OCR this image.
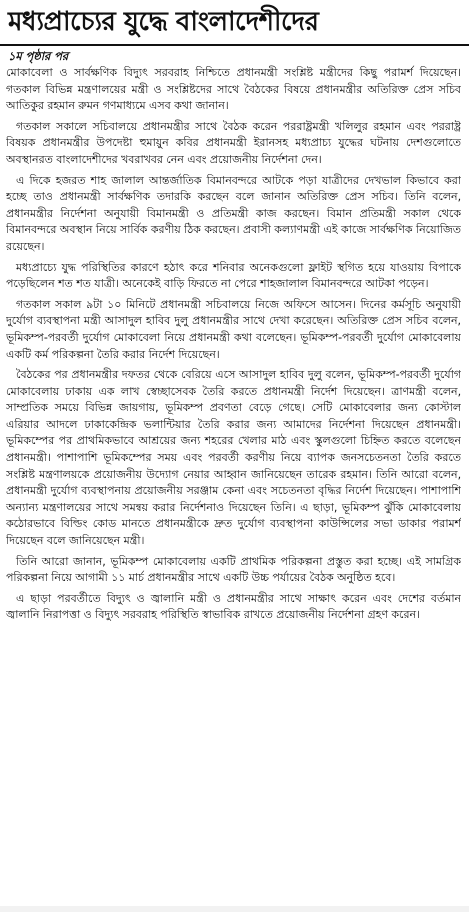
মধ্যপ্রাচ্যের যুদ্ধে বাংলাদেশীদের
১ম পৃষ্ঠার পর

মোকাবেলা ও সার্বক্ষণিক বিদ্যুৎ সরবরাহ নিশ্চিতে প্রধানমন্ত্রী সংশ্লিষ্ট মন্ত্রীদের কিছু পরামর্শ দিয়েছেন। গতকাল বিভিন্ন মন্ত্রণালয়ের মন্ত্রী ও সংশ্লিষ্টদের সাথে বৈঠকের বিষয়ে প্রধানমন্ত্রীর অতিরিক্ত প্রেস সচিব আতিকুর রহমান রুমন গণমাধ্যমে এসব কথা জানান।

গতকাল সকালে সচিবালয়ে প্রধানমন্ত্রীর সাথে বৈঠক করেন পররাষ্ট্রমন্ত্রী খলিলুর রহমান এবং পররাষ্ট্র বিষয়ক প্রধানমন্ত্রীর উপদেষ্টা হুমায়ুন কবির প্রধানমন্ত্রী ইরানসহ মধ্যপ্রাচ্য যুদ্ধের ঘটনায় দেশগুলোতে অবস্থানরত বাংলাদেশীদের খবরাখবর নেন এবং প্রয়োজনীয় নির্দেশনা দেন।

এ দিকে হজরত শাহ জালাল আন্তর্জাতিক বিমানবন্দরে আটকে পড়া যাত্রীদের দেখভাল কিভাবে করা হচ্ছে তাও প্রধানমন্ত্রী সার্বক্ষণিক তদারকি করছেন বলে জানান অতিরিক্ত প্রেস সচিব। তিনি বলেন, প্রধানমন্ত্রীর নির্দেশনা অনুযায়ী বিমানমন্ত্রী ও প্রতিমন্ত্রী কাজ করছেন। বিমান প্রতিমন্ত্রী সকাল থেকে বিমানবন্দরে অবস্থান নিয়ে সার্বিক করণীয় ঠিক করছেন। প্রবাসী কল্যাণমন্ত্রী এই কাজে সার্বক্ষণিক নিয়োজিত রয়েছেন।

মধ্যপ্রাচ্যে যুদ্ধ পরিস্থিতির কারণে হঠাৎ করে শনিবার অনেকগুলো ফ্লাইট স্থগিত হয়ে যাওয়ায় বিপাকে পড়েছিলেন শত শত যাত্রী। অনেকেই বাড়ি ফিরতে না পেরে শাহজালাল বিমানবন্দরে আটকা পড়েন।

গতকাল সকাল ৯টা ১০ মিনিটে প্রধানমন্ত্রী সচিবালয়ে নিজে অফিসে আসেন। দিনের কর্মসূচি অনুযায়ী দুর্যোগ ব্যবস্থাপনা মন্ত্রী আসাদুল হাবিব দুলু প্রধানমন্ত্রীর সাথে দেখা করেছেন। অতিরিক্ত প্রেস সচিব বলেন, ভূমিকম্প-পরবর্তী দুর্যোগ মোকাবেলা নিয়ে প্রধানমন্ত্রী কথা বলেছেন। ভূমিকম্প-পরবর্তী দুর্যোগ মোকাবেলায় একটি কর্ম পরিকল্পনা তৈরি করার নির্দেশ দিয়েছেন।

বৈঠকের পর প্রধানমন্ত্রীর দফতর থেকে বেরিয়ে এসে আসাদুল হাবিব দুলু বলেন, ভূমিকম্প-পরবর্তী দুর্যোগ মোকাবেলায় ঢাকায় এক লাখ স্বেচ্ছাসেবক তৈরি করতে প্রধানমন্ত্রী নির্দেশ দিয়েছেন। ত্রাণমন্ত্রী বলেন, সাম্প্রতিক সময়ে বিভিন্ন জায়গায়, ভূমিকম্প প্রবণতা বেড়ে গেছে। সেটি মোকাবেলার জন্য কোস্টাল এরিয়ার আদলে ঢাকাকেন্দ্রিক ভলান্টিয়ার তৈরি করার জন্য আমাদের নির্দেশনা দিয়েছেন প্রধানমন্ত্রী। ভূমিকম্পের পর প্রাথমিকভাবে আশ্রয়ের জন্য শহরের খেলার মাঠ এবং স্কুলগুলো চিহ্নিত করতে বলেছেন প্রধানমন্ত্রী। পাশাপাশি ভূমিকম্পের সময় এবং পরবর্তী করণীয় নিয়ে ব্যাপক জনসচেতনতা তৈরি করতে সংশ্লিষ্ট মন্ত্রণালয়কে প্রয়োজনীয় উদ্যোগ নেয়ার আহ্বান জানিয়েছেন তারেক রহমান। তিনি আরো বলেন, প্রধানমন্ত্রী দুর্যোগ ব্যবস্থাপনায় প্রয়োজনীয় সরঞ্জাম কেনা এবং সচেতনতা বৃদ্ধির নির্দেশ দিয়েছেন। পাশাপাশি অন্যান্য মন্ত্রণালয়ের সাথে সমন্বয় করার নির্দেশনাও দিয়েছেন তিনি। এ ছাড়া, ভূমিকম্প ঝুঁকি মোকাবেলায় কঠোরভাবে বিল্ডিং কোড মানতে প্রধানমন্ত্রীকে দ্রুত দুর্যোগ ব্যবস্থাপনা কাউন্সিলের সভা ডাকার পরামর্শ দিয়েছেন বলে জানিয়েছেন মন্ত্রী।

তিনি আরো জানান, ভূমিকম্প মোকাবেলায় একটি প্রাথমিক পরিকল্পনা প্রস্তুত করা হচ্ছে। এই সামগ্রিক পরিকল্পনা নিয়ে আগামী ১১ মার্চ প্রধানমন্ত্রীর সাথে একটি উচ্চ পর্যায়ের বৈঠক অনুষ্ঠিত হবে।

এ ছাড়া পরবর্তীতে বিদ্যুৎ ও জ্বালানি মন্ত্রী ও প্রধানমন্ত্রীর সাথে সাক্ষাৎ করেন এবং দেশের বর্তমান জ্বালানি নিরাপত্তা ও বিদ্যুৎ সরবরাহ পরিস্থিতি স্বাভাবিক রাখতে প্রয়োজনীয় নির্দেশনা গ্রহণ করেন।
